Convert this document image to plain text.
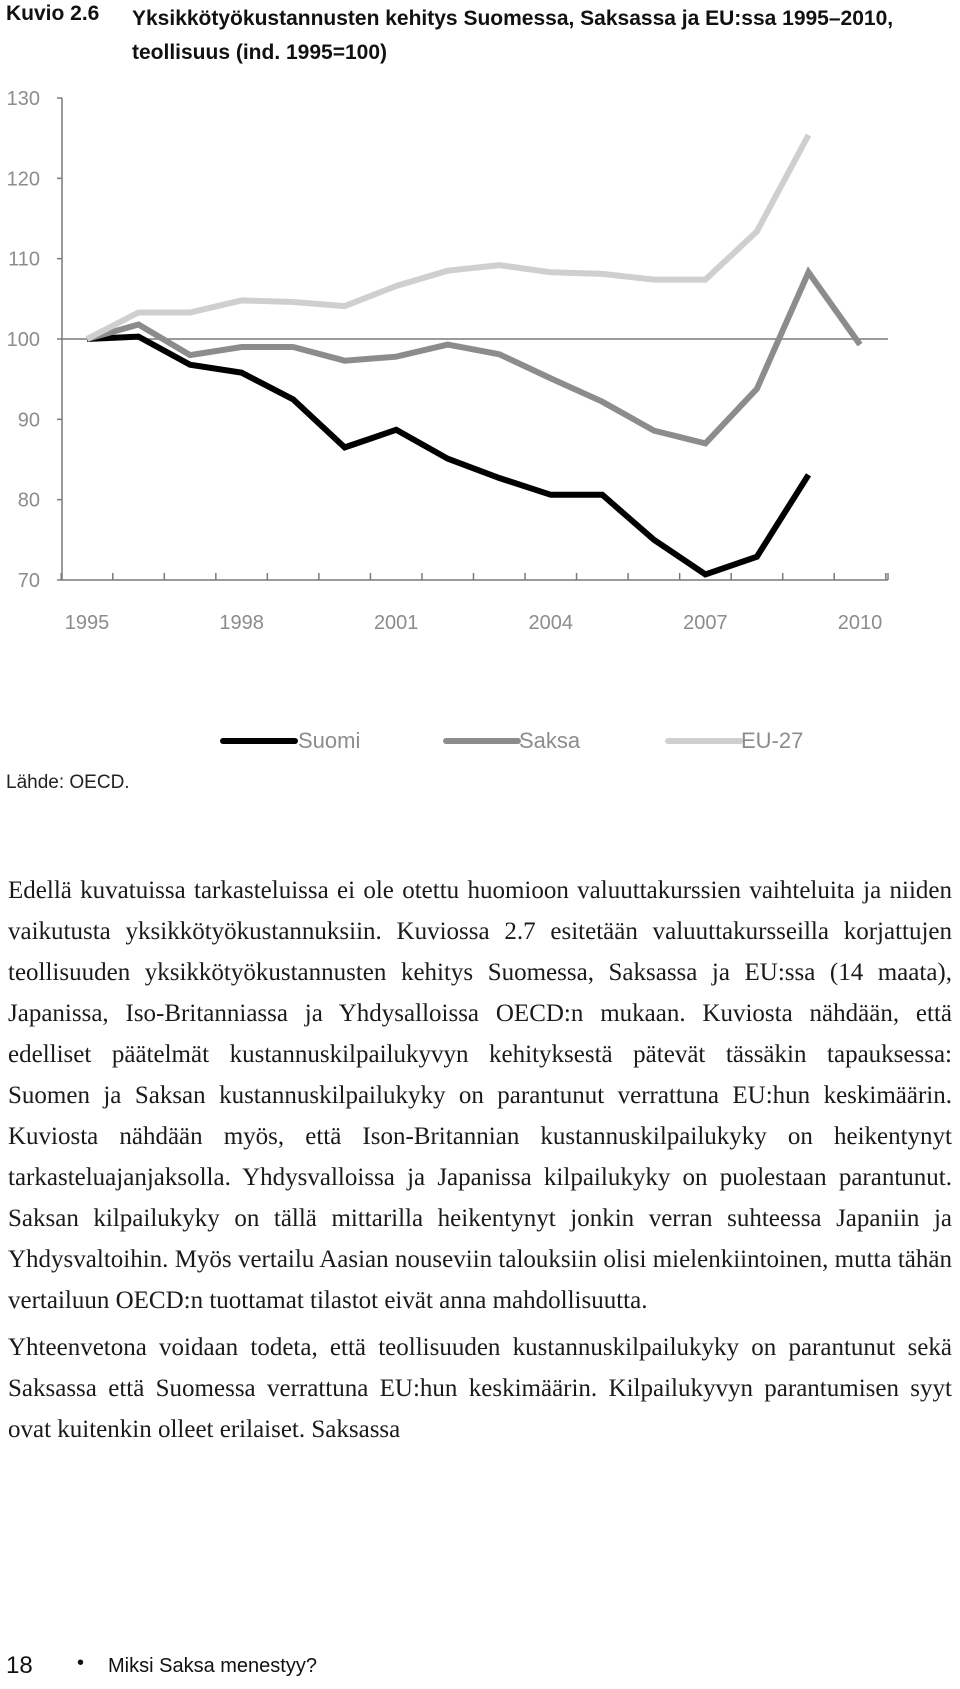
Kuvio 2.6 Yksikkötyökustannusten kehitys Suomessa, Saksassa ja EU:ssa 1995–2010, teollisuus (ind. 1995=100)
70
80
90
100
110
120
130
1995	1998	2001	2004	2007	2010
Suomi	Saksa	EU-27
Lähde: OECD.

Edellä kuvatuissa tarkasteluissa ei ole otettu huomioon valuuttakurssien vaihteluita ja niiden vaikutusta yksikkötyökustannuksiin. Kuviossa 2.7 esitetään valuuttakursseilla korjattujen teollisuuden yksikkötyökustannusten kehitys Suomessa, Saksassa ja EU:ssa (14 maata), Japanissa, Iso-Britanniassa ja Yhdysalloissa OECD:n mukaan. Kuviosta nähdään, että edelliset päätelmät kustannuskilpailukyvyn kehityksestä pätevät tässäkin tapauksessa: Suomen ja Saksan kustannuskilpailukyky on parantunut verrattuna EU:hun keskimäärin. Kuviosta nähdään myös, että Ison-Britannian kustannuskilpailukyky on heikentynyt tarkasteluajanjaksolla. Yhdysvalloissa ja Japanissa kilpailukyky on puolestaan parantunut. Saksan kilpailukyky on tällä mittarilla heikentynyt jonkin verran suhteessa Japaniin ja Yhdysvaltoihin. Myös vertailu Aasian nouseviin talouksiin olisi mielenkiintoinen, mutta tähän vertailuun OECD:n tuottamat tilastot eivät anna mahdollisuutta.

Yhteenvetona voidaan todeta, että teollisuuden kustannuskilpailukyky on parantunut sekä Saksassa että Suomessa verrattuna EU:hun keskimäärin. Kilpailukyvyn parantumisen syyt ovat kuitenkin olleet erilaiset. Saksassa

18 • Miksi Saksa menestyy?
